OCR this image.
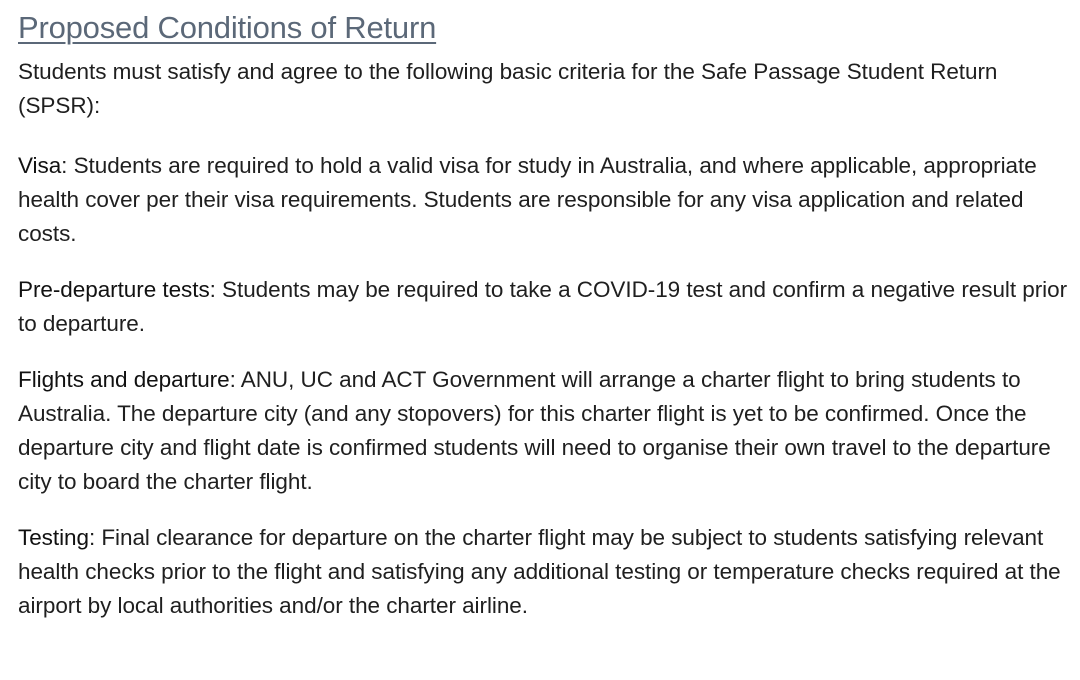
Proposed Conditions of Return

Students must satisfy and agree to the following basic criteria for the Safe Passage Student Return (SPSR):

Visa: Students are required to hold a valid visa for study in Australia, and where applicable, appropriate health cover per their visa requirements. Students are responsible for any visa application and related costs.

Pre-departure tests: Students may be required to take a COVID-19 test and confirm a negative result prior to departure.

Flights and departure: ANU, UC and ACT Government will arrange a charter flight to bring students to Australia. The departure city (and any stopovers) for this charter flight is yet to be confirmed. Once the departure city and flight date is confirmed students will need to organise their own travel to the departure city to board the charter flight.

Testing: Final clearance for departure on the charter flight may be subject to students satisfying relevant health checks prior to the flight and satisfying any additional testing or temperature checks required at the airport by local authorities and/or the charter airline.
